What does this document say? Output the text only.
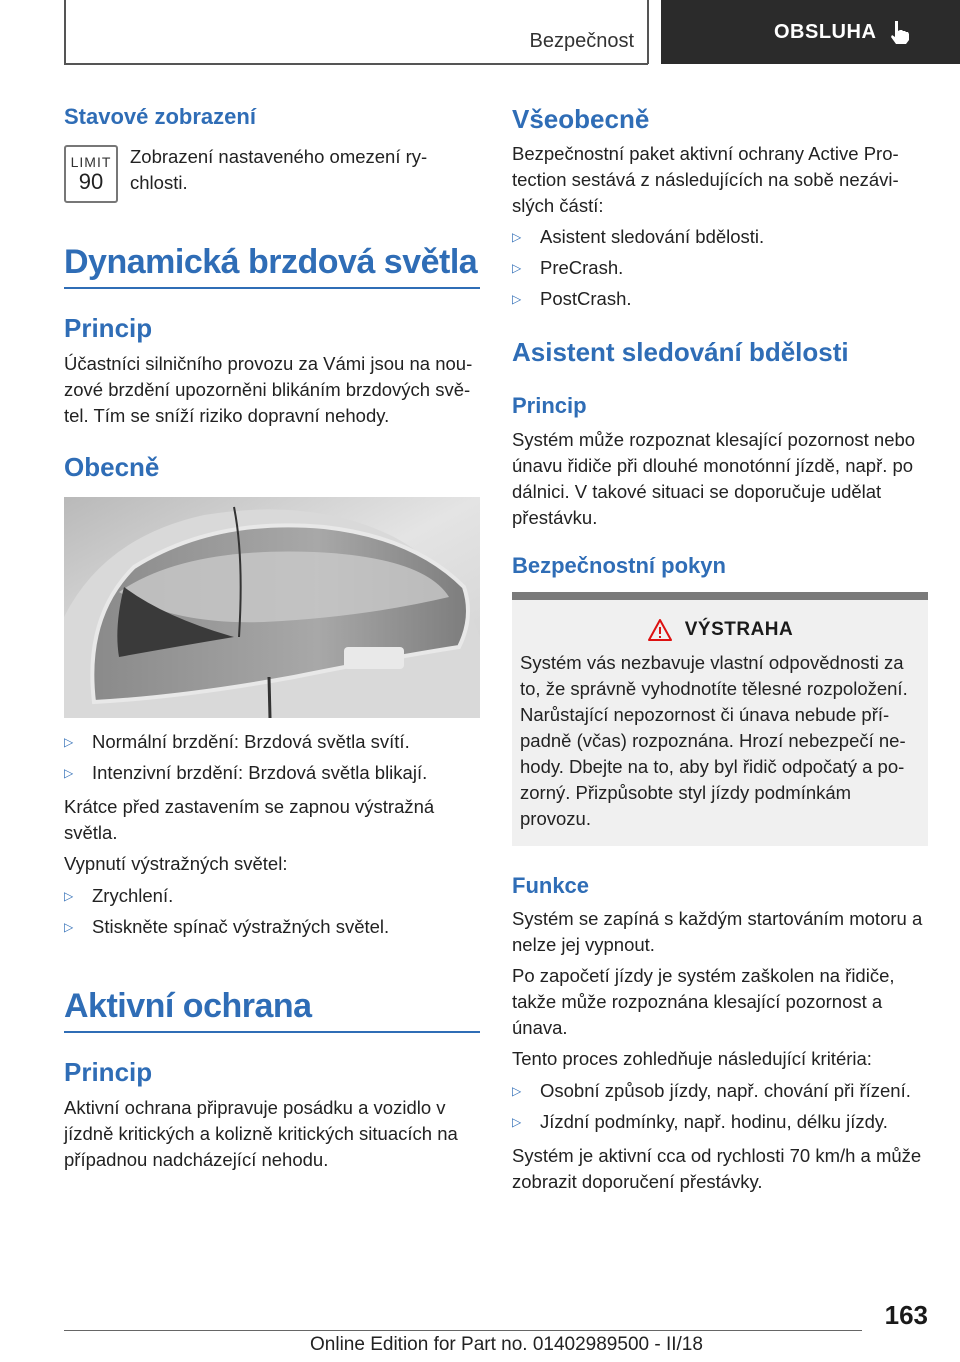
Bezpečnost	OBSLUHA
Stavové zobrazení
LIMIT
90
Zobrazení nastaveného omezení ry-chlosti.
Dynamická brzdová světla
Princip
Účastníci silničního provozu za Vámi jsou na nou-zové brzdění upozorněni blikáním brzdových svě-tel. Tím se sníží riziko dopravní nehody.
Obecně
▷	Normální brzdění: Brzdová světla svítí.
▷	Intenzivní brzdění: Brzdová světla blikají.
Krátce před zastavením se zapnou výstražná světla.
Vypnutí výstražných světel:
▷	Zrychlení.
▷	Stiskněte spínač výstražných světel.
Aktivní ochrana
Princip
Aktivní ochrana připravuje posádku a vozidlo v jízdně kritických a kolizně kritických situacích na případnou nadcházející nehodu.
Všeobecně
Bezpečnostní paket aktivní ochrany Active Pro-tection sestává z následujících na sobě nezávi-slých částí:
▷	Asistent sledování bdělosti.
▷	PreCrash.
▷	PostCrash.
Asistent sledování bdělosti
Princip
Systém může rozpoznat klesající pozornost nebo únavu řidiče při dlouhé monotónní jízdě, např. po dálnici. V takové situaci se doporučuje udělat přestávku.
Bezpečnostní pokyn
Funkce
Systém se zapíná s každým startováním motoru a nelze jej vypnout.
Po započetí jízdy je systém zaškolen na řidiče, takže může rozpoznána klesající pozornost a únava.
Tento proces zohledňuje následující kritéria:
▷	Osobní způsob jízdy, např. chování při řízení.
▷	Jízdní podmínky, např. hodinu, délku jízdy.
Systém je aktivní cca od rychlosti 70 km/h a může zobrazit doporučení přestávky.
VÝSTRAHA
Systém vás nezbavuje vlastní odpovědnosti za to, že správně vyhodnotíte tělesné rozpoložení. Narůstající nepozornost či únava nebude pří-padně (včas) rozpoznána. Hrozí nebezpečí ne-hody. Dbejte na to, aby byl řidič odpočatý a po-zorný. Přizpůsobte styl jízdy podmínkám provozu.
163
Online Edition for Part no. 01402989500 - II/18
